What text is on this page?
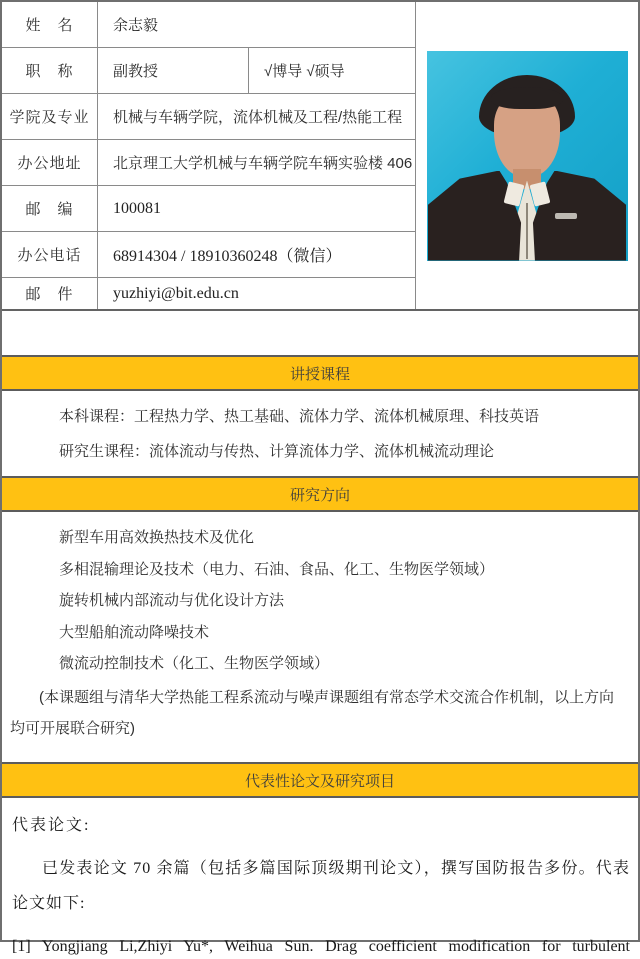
姓　名	余志毅
职　称	副教授	√博导 √硕导
学院及专业	机械与车辆学院，流体机械及工程/热能工程
办公地址	北京理工大学机械与车辆学院车辆实验楼 406
邮　编	100081
办公电话	68914304 / 18910360248（微信）
邮　件	yuzhiyi@bit.edu.cn
讲授课程

本科课程：工程热力学、热工基础、流体力学、流体机械原理、科技英语

研究生课程：流体流动与传热、计算流体力学、流体机械流动理论

研究方向

新型车用高效换热技术及优化

多相混输理论及技术（电力、石油、食品、化工、生物医学领域）

旋转机械内部流动与优化设计方法

大型船舶流动降噪技术

微流动控制技术（化工、生物医学领域）

(本课题组与清华大学热能工程系流动与噪声课题组有常态学术交流合作机制，以上方向均可开展联合研究)

代表性论文及研究项目

代表论文:

已发表论文 70 余篇（包括多篇国际顶级期刊论文），撰写国防报告多份。代表论文如下:

[1] Yongjiang Li,Zhiyi Yu*, Weihua Sun. Drag coefficient modification for turbulent
